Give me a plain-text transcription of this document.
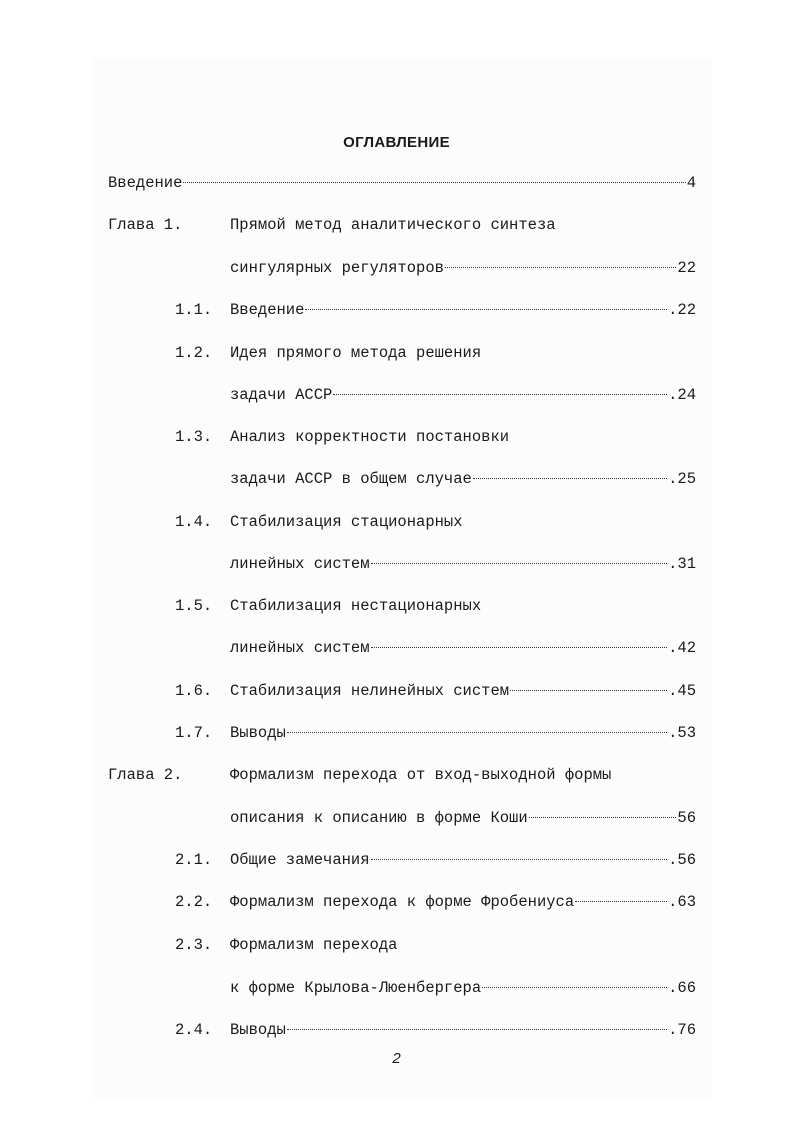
ОГЛАВЛЕНИЕ
Введение	4
Глава 1.	Прямой метод аналитического синтеза
сингулярных регуляторов	22
1.1.	Введение	.22
1.2.	Идея прямого метода решения
задачи АССР	.24
1.3.	Анализ корректности постановки
задачи АССР в общем случае	.25
1.4.	Стабилизация стационарных
линейных систем	.31
1.5.	Стабилизация нестационарных
линейных систем	.42
1.6.	Стабилизация нелинейных систем	.45
1.7.	Выводы	.53
Глава 2.	Формализм перехода от вход-выходной формы
описания к описанию в форме Коши	56
2.1.	Общие замечания	.56
2.2.	Формализм перехода к форме Фробениуса	.63
2.3.	Формализм перехода
к форме Крылова-Люенбергера	.66
2.4.	Выводы	.76
2
